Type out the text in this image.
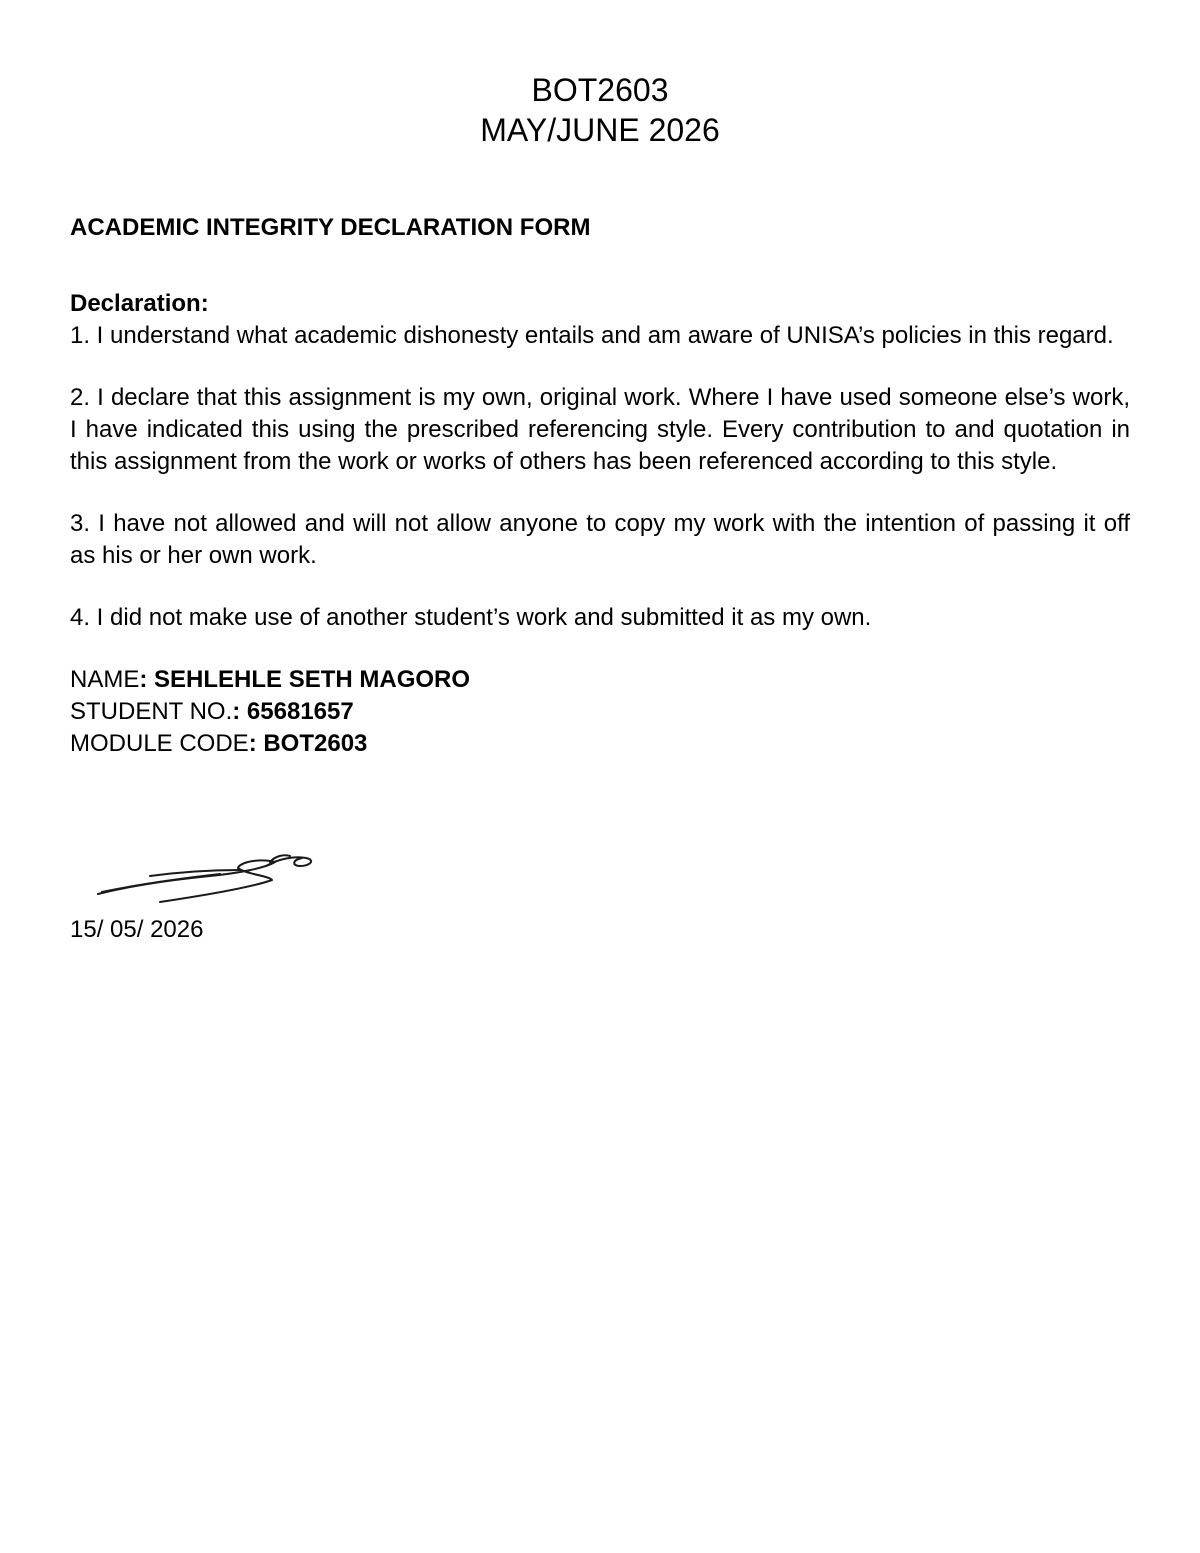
BOT2603
MAY/JUNE 2026
ACADEMIC INTEGRITY DECLARATION FORM
Declaration:

1. I understand what academic dishonesty entails and am aware of UNISA’s policies in this regard.

2. I declare that this assignment is my own, original work. Where I have used someone else’s work, I have indicated this using the prescribed referencing style. Every contribution to and quotation in this assignment from the work or works of others has been referenced according to this style.

3. I have not allowed and will not allow anyone to copy my work with the intention of passing it off as his or her own work.

4. I did not make use of another student’s work and submitted it as my own.

NAME: SEHLEHLE SETH MAGORO
STUDENT NO.: 65681657
MODULE CODE: BOT2603
15/ 05/ 2026
